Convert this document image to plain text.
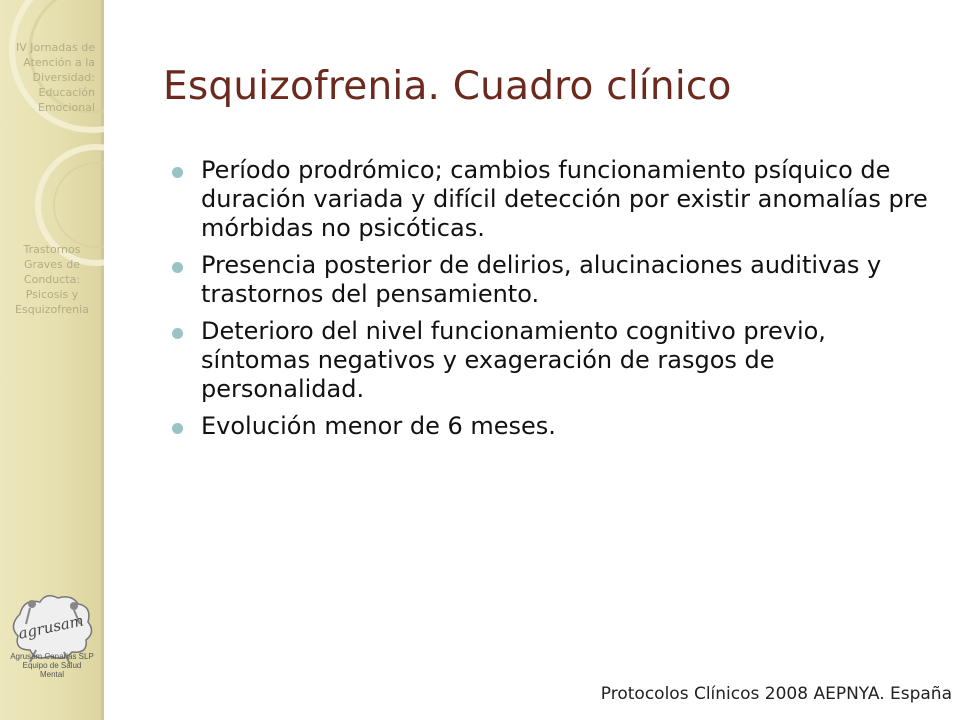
IV Jornadas de
Atención a la
Diversidad:
Educación
Emocional
Trastornos
Graves de
Conducta:
Psicosis y
Esquizofrenia
agrusam
Agrusam Canarias SLP
Equipo de Salud
Mental
Esquizofrenia. Cuadro clínico
Período prodrómico; cambios funcionamiento psíquico de duración variada y difícil detección por existir anomalías pre mórbidas no psicóticas.
Presencia posterior de delirios, alucinaciones auditivas y trastornos del pensamiento.
Deterioro del nivel funcionamiento cognitivo previo, síntomas negativos y exageración de rasgos de personalidad.
Evolución menor de 6 meses.
Protocolos Clínicos 2008 AEPNYA. España
